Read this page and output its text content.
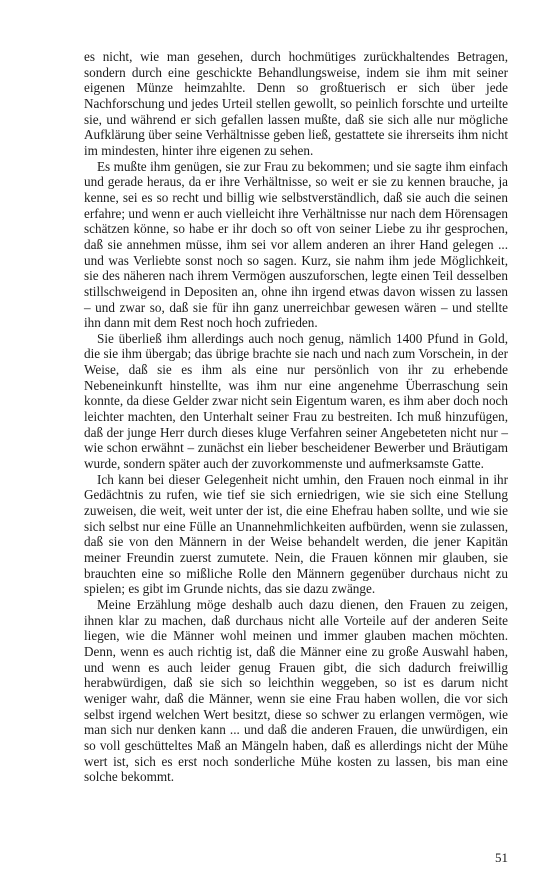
es nicht, wie man gesehen, durch hochmütiges zurückhaltendes Betragen, sondern durch eine geschickte Behandlungsweise, indem sie ihm mit seiner eigenen Münze heimzahlte. Denn so großtuerisch er sich über jede Nachforschung und jedes Urteil stellen gewollt, so peinlich forschte und urteilte sie, und während er sich gefallen lassen mußte, daß sie sich alle nur mögliche Aufklärung über seine Verhältnisse geben ließ, gestattete sie ihrerseits ihm nicht im mindesten, hinter ihre eigenen zu sehen.

Es mußte ihm genügen, sie zur Frau zu bekommen; und sie sagte ihm einfach und gerade heraus, da er ihre Verhältnisse, so weit er sie zu kennen brauche, ja kenne, sei es so recht und billig wie selbstverständlich, daß sie auch die seinen erfahre; und wenn er auch vielleicht ihre Verhältnisse nur nach dem Hörensagen schätzen könne, so habe er ihr doch so oft von seiner Liebe zu ihr gesprochen, daß sie annehmen müsse, ihm sei vor allem anderen an ihrer Hand gelegen ... und was Verliebte sonst noch so sagen. Kurz, sie nahm ihm jede Möglichkeit, sie des näheren nach ihrem Vermögen auszuforschen, legte einen Teil desselben stillschweigend in Depositen an, ohne ihn irgend etwas davon wissen zu lassen – und zwar so, daß sie für ihn ganz unerreichbar gewesen wären – und stellte ihn dann mit dem Rest noch hoch zufrieden.

Sie überließ ihm allerdings auch noch genug, nämlich 1400 Pfund in Gold, die sie ihm übergab; das übrige brachte sie nach und nach zum Vorschein, in der Weise, daß sie es ihm als eine nur persönlich von ihr zu erhebende Nebeneinkunft hinstellte, was ihm nur eine angenehme Überraschung sein konnte, da diese Gelder zwar nicht sein Eigentum waren, es ihm aber doch noch leichter machten, den Unterhalt seiner Frau zu bestreiten. Ich muß hinzufügen, daß der junge Herr durch dieses kluge Verfahren seiner Angebeteten nicht nur – wie schon erwähnt – zunächst ein lieber bescheidener Bewerber und Bräutigam wurde, sondern später auch der zuvorkommenste und aufmerksamste Gatte.

Ich kann bei dieser Gelegenheit nicht umhin, den Frauen noch einmal in ihr Gedächtnis zu rufen, wie tief sie sich erniedrigen, wie sie sich eine Stellung zuweisen, die weit, weit unter der ist, die eine Ehefrau haben sollte, und wie sie sich selbst nur eine Fülle an Unannehmlichkeiten aufbürden, wenn sie zulassen, daß sie von den Männern in der Weise behandelt werden, die jener Kapitän meiner Freundin zuerst zumutete. Nein, die Frauen können mir glauben, sie brauchten eine so mißliche Rolle den Männern gegenüber durchaus nicht zu spielen; es gibt im Grunde nichts, das sie dazu zwänge.

Meine Erzählung möge deshalb auch dazu dienen, den Frauen zu zeigen, ihnen klar zu machen, daß durchaus nicht alle Vorteile auf der anderen Seite liegen, wie die Männer wohl meinen und immer glauben machen möchten. Denn, wenn es auch richtig ist, daß die Männer eine zu große Auswahl haben, und wenn es auch leider genug Frauen gibt, die sich dadurch freiwillig herabwürdigen, daß sie sich so leichthin weggeben, so ist es darum nicht weniger wahr, daß die Männer, wenn sie eine Frau haben wollen, die vor sich selbst irgend welchen Wert besitzt, diese so schwer zu erlangen vermögen, wie man sich nur denken kann ... und daß die anderen Frauen, die unwürdigen, ein so voll geschütteltes Maß an Mängeln haben, daß es allerdings nicht der Mühe wert ist, sich es erst noch sonderliche Mühe kosten zu lassen, bis man eine solche bekommt.

51
